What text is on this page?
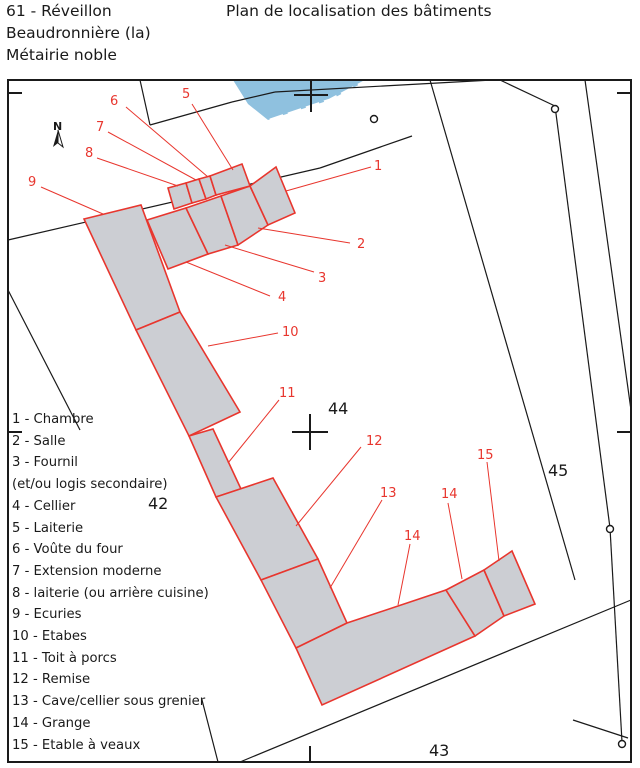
61 - Réveillon
Beaudronnière (la)
Métairie noble
Plan de localisation des bâtiments
N
1
2
3
4
5
6
7
8
9
10
11
12
13
14
14
15
44
42
45
43
1 - Chambre
2 - Salle
3 - Fournil
(et/ou logis secondaire)
4 - Cellier
5 - Laiterie
6 - Voûte du four
7 - Extension moderne
8 - laiterie (ou arrière cuisine)
9 - Ecuries
10 - Etabes
11 - Toit à porcs
12 - Remise
13 - Cave/cellier sous grenier
14 - Grange
15 - Etable à veaux
